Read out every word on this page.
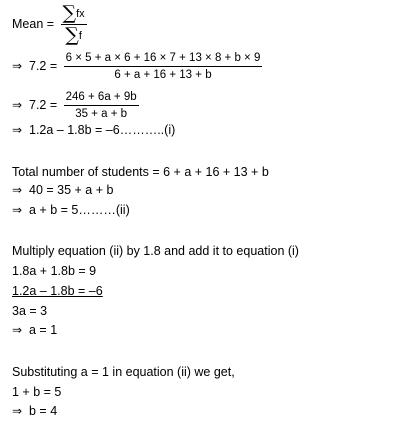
Mean = $\frac{\sum fx}{\sum f}$
⇒ $7.2 = \frac{6 \times 5 + a \times 6 + 16 \times 7 + 13 \times 8 + b \times 9}{6 + a + 16 + 13 + b}$
⇒ $7.2 = \frac{246 + 6a + 9b}{35 + a + b}$
⇒ 1.2a – 1.8b = –6………..(i)
Total number of students = 6 + a + 16 + 13 + b
⇒ 40 = 35 + a + b
⇒ a + b = 5………(ii)
Multiply equation (ii) by 1.8 and add it to equation (i)
1.8a + 1.8b = 9
1.2a – 1.8b = –6
3a = 3
⇒ a = 1
Substituting a = 1 in equation (ii) we get,
1 + b = 5
⇒ b = 4
